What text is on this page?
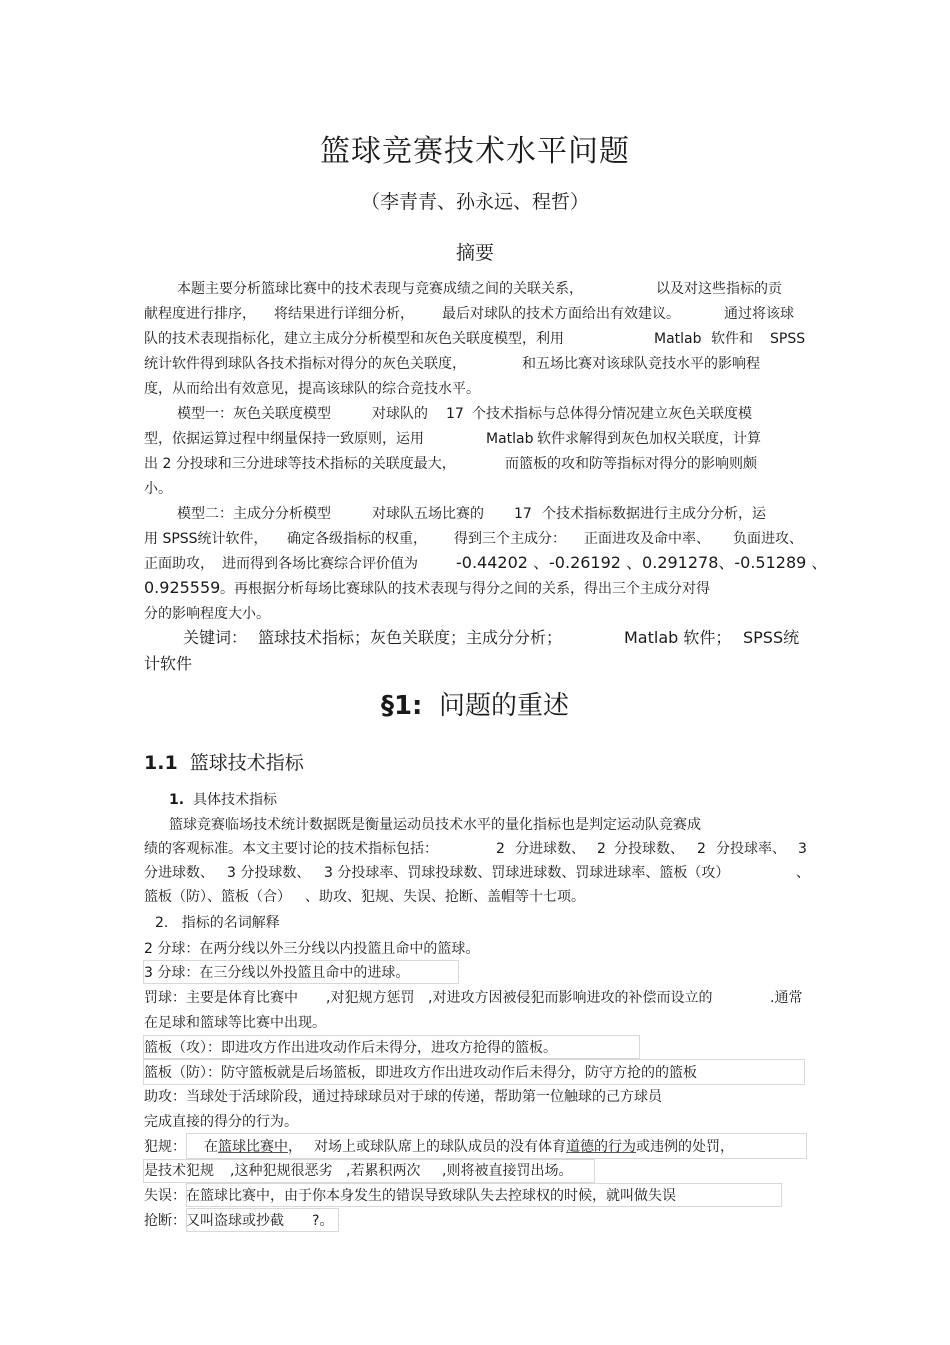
篮球竞赛技术水平问题
（李青青、孙永远、程哲）
摘要
本题主要分析篮球比赛中的技术表现与竞赛成绩之间的关联关系，	以及对这些指标的贡
献程度进行排序， 将结果进行详细分析， 最后对球队的技术方面给出有效建议。	通过将该球
队的技术表现指标化，建立主成分分析模型和灰色关联度模型，利用	Matlab 软件和 SPSS
统计软件得到球队各技术指标对得分的灰色关联度，	和五场比赛对该球队竞技水平的影响程
度，从而给出有效意见，提高该球队的综合竞技水平。
模型一：灰色关联度模型	对球队的 17 个技术指标与总体得分情况建立灰色关联度模
型，依据运算过程中纲量保持一致原则，运用	Matlab 软件求解得到灰色加权关联度，计算
出 2 分投球和三分进球等技术指标的关联度最大，	而篮板的攻和防等指标对得分的影响则颇
小。
模型二：主成分分析模型	对球队五场比赛的 17 个技术指标数据进行主成分分析，运
用 SPSS统计软件， 确定各级指标的权重， 得到三个主成分： 正面进攻及命中率、 负面进攻、
正面助攻， 进而得到各场比赛综合评价值为 -0.44202 、-0.26192 、0.291278、-0.51289 、
0.925559 。再根据分析每场比赛球队的技术表现与得分之间的关系，得出三个主成分对得
分的影响程度大小。
关键词： 篮球技术指标；灰色关联度；主成分分析；	Matlab 软件； SPSS统
计软件
§1: 问题的重述
1.1 篮球技术指标
1. 具体技术指标
篮球竞赛临场技术统计数据既是衡量运动员技术水平的量化指标也是判定运动队竞赛成
绩的客观标准。本文主要讨论的技术指标包括：	2 分进球数、 2 分投球数、 2 分投球率、 3
分进球数、 3 分投球数、 3 分投球率、罚球投球数、罚球进球数、罚球进球率、篮板（攻）	、
篮板（防）、篮板（合） 、助攻、犯规、失误、抢断、盖帽等十七项。
2. 指标的名词解释
2 分球：在两分线以外三分线以内投篮且命中的篮球。
3 分球：在三分线以外投篮且命中的进球。
罚球：主要是体育比赛中 ,对犯规方惩罚 ,对进攻方因被侵犯而影响进攻的补偿而设立的	.通常
在足球和篮球等比赛中出现。
篮板（攻）：即进攻方作出进攻动作后未得分，进攻方抢得的篮板。
篮板（防）：防守篮板就是后场篮板，即进攻方作出进攻动作后未得分，防守方抢的的篮板
助攻：当球处于活球阶段，通过持球球员对于球的传递，帮助第一位触球的己方球员
完成直接的得分的行为。
犯规： 在篮球比赛中， 对场上或球队席上的球队成员的没有体育道德的行为或违例的处罚，
是技术犯规 ,这种犯规很恶劣 ,若累积两次 ,则将被直接罚出场。
失误：在篮球比赛中，由于你本身发生的错误导致球队失去控球权的时候，就叫做失误
抢断：又叫盗球或抄截 ?。
